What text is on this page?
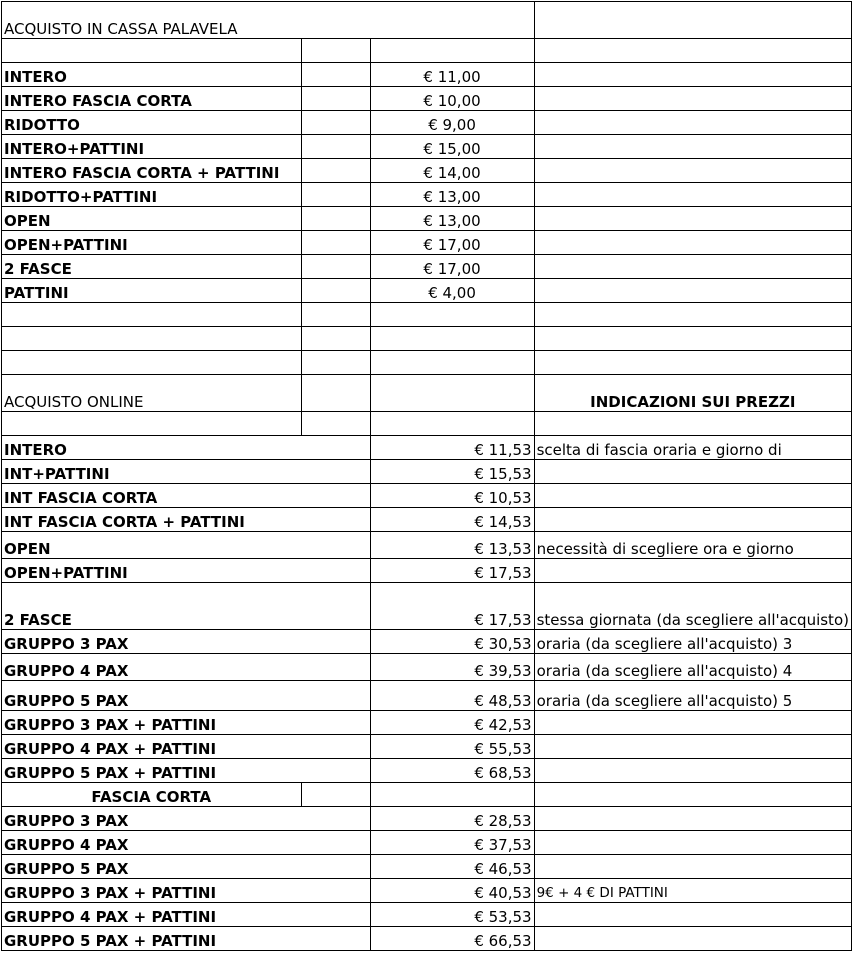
ACQUISTO IN CASSA PALAVELA			

INTERO		€ 11,00	
INTERO FASCIA CORTA		€ 10,00	
RIDOTTO		€ 9,00	
INTERO+PATTINI		€ 15,00	
INTERO FASCIA CORTA + PATTINI		€ 14,00	
RIDOTTO+PATTINI		€ 13,00	
OPEN		€ 13,00	
OPEN+PATTINI		€ 17,00	
2 FASCE		€ 17,00	
PATTINI		€ 4,00	

ACQUISTO ONLINE			INDICAZIONI SUI PREZZI

INTERO		€ 11,53	scelta di fascia oraria e giorno di
INT+PATTINI		€ 15,53	
INT FASCIA CORTA		€ 10,53	
INT FASCIA CORTA + PATTINI		€ 14,53	
OPEN		€ 13,53	necessità di scegliere ora e giorno
OPEN+PATTINI		€ 17,53	
2 FASCE		€ 17,53	stessa giornata (da scegliere all'acquisto)
GRUPPO 3 PAX		€ 30,53	oraria (da scegliere all'acquisto) 3
GRUPPO 4 PAX		€ 39,53	oraria (da scegliere all'acquisto) 4
GRUPPO 5 PAX		€ 48,53	oraria (da scegliere all'acquisto) 5
GRUPPO 3 PAX + PATTINI		€ 42,53	
GRUPPO 4 PAX + PATTINI		€ 55,53	
GRUPPO 5 PAX + PATTINI		€ 68,53	
FASCIA CORTA			
GRUPPO 3 PAX		€ 28,53	
GRUPPO 4 PAX		€ 37,53	
GRUPPO 5 PAX		€ 46,53	
GRUPPO 3 PAX + PATTINI		€ 40,53	9€ + 4 € DI PATTINI
GRUPPO 4 PAX + PATTINI		€ 53,53	
GRUPPO 5 PAX + PATTINI		€ 66,53	
